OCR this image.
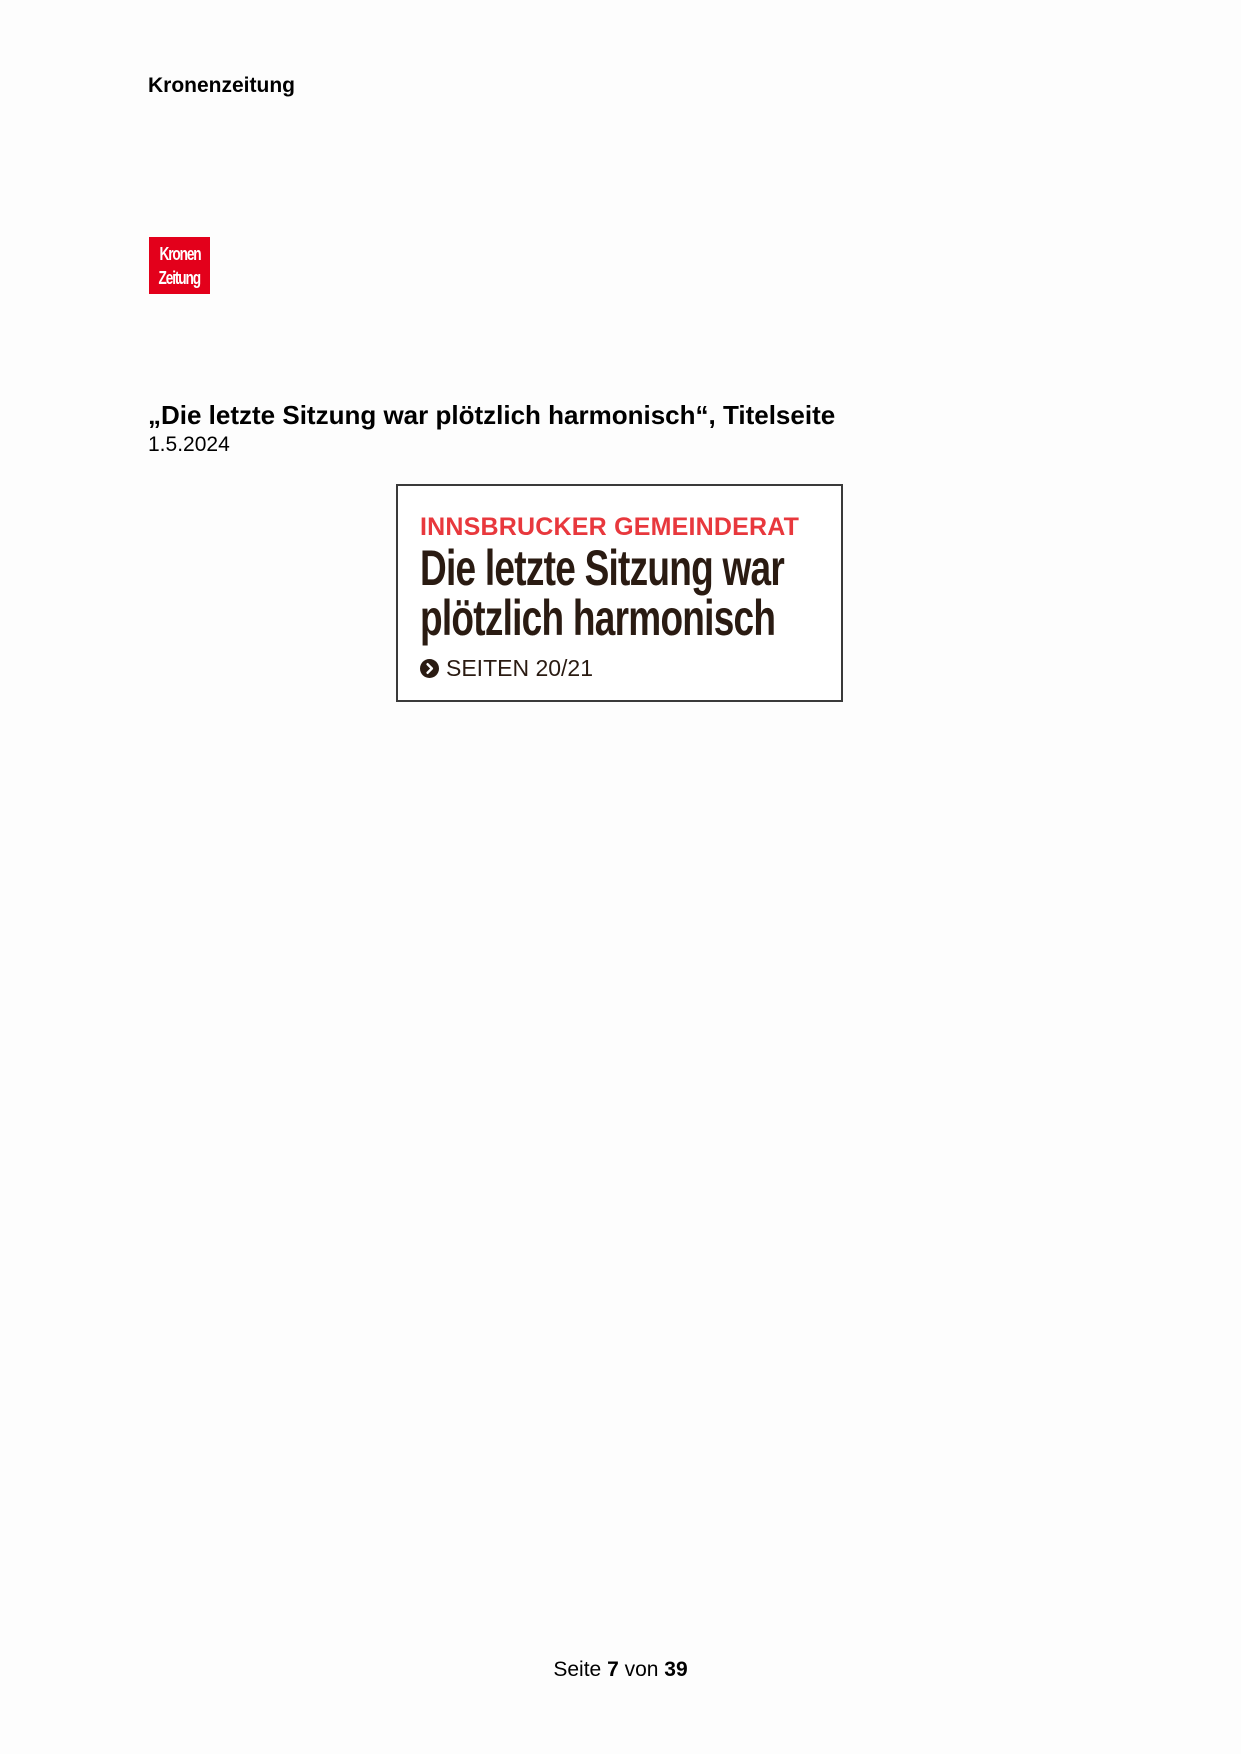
Kronenzeitung
Kronen
Zeitung
„Die letzte Sitzung war plötzlich harmonisch“, Titelseite
1.5.2024
INNSBRUCKER GEMEINDERAT
Die letzte Sitzung war
plötzlich harmonisch
SEITEN 20/21
Seite 7 von 39
